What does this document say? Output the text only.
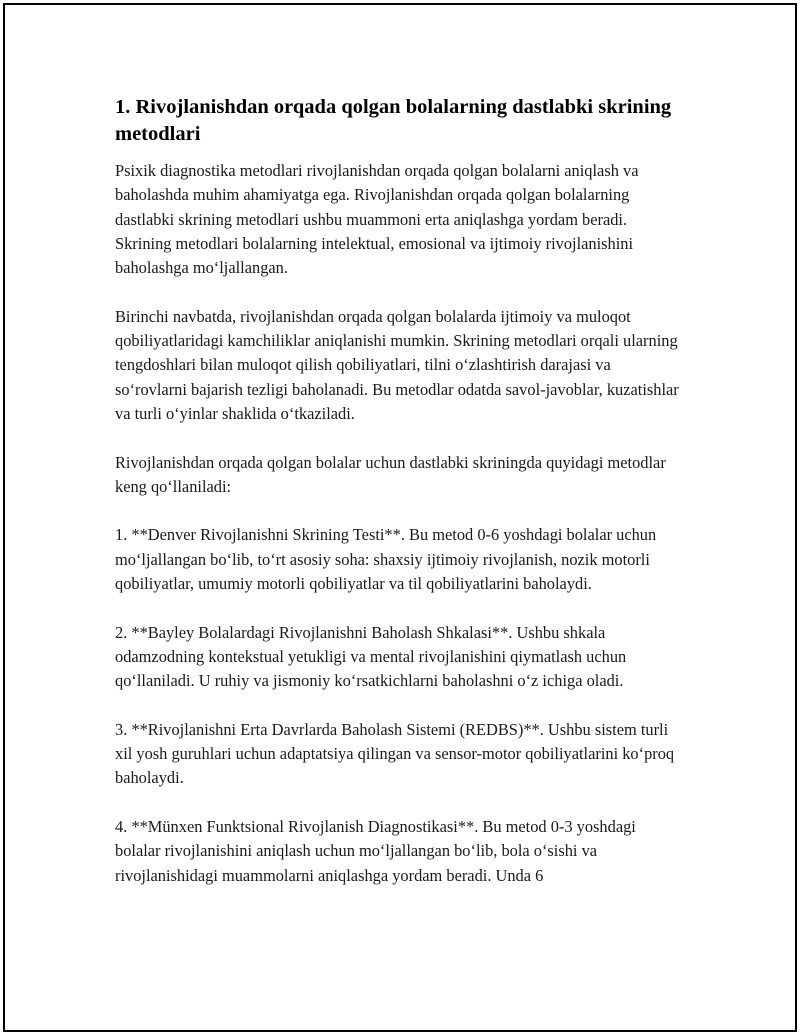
1. Rivojlanishdan orqada qolgan bolalarning dastlabki skrining metodlari

Psixik diagnostika metodlari rivojlanishdan orqada qolgan bolalarni aniqlash va baholashda muhim ahamiyatga ega. Rivojlanishdan orqada qolgan bolalarning dastlabki skrining metodlari ushbu muammoni erta aniqlashga yordam beradi. Skrining metodlari bolalarning intelektual, emosional va ijtimoiy rivojlanishini baholashga mo‘ljallangan.

Birinchi navbatda, rivojlanishdan orqada qolgan bolalarda ijtimoiy va muloqot qobiliyatlaridagi kamchiliklar aniqlanishi mumkin. Skrining metodlari orqali ularning tengdoshlari bilan muloqot qilish qobiliyatlari, tilni o‘zlashtirish darajasi va so‘rovlarni bajarish tezligi baholanadi. Bu metodlar odatda savol-javoblar, kuzatishlar va turli o‘yinlar shaklida o‘tkaziladi.

Rivojlanishdan orqada qolgan bolalar uchun dastlabki skriningda quyidagi metodlar keng qo‘llaniladi:

1. **Denver Rivojlanishni Skrining Testi**. Bu metod 0-6 yoshdagi bolalar uchun mo‘ljallangan bo‘lib, to‘rt asosiy soha: shaxsiy ijtimoiy rivojlanish, nozik motorli qobiliyatlar, umumiy motorli qobiliyatlar va til qobiliyatlarini baholaydi.

2. **Bayley Bolalardagi Rivojlanishni Baholash Shkalasi**. Ushbu shkala odamzodning kontekstual yetukligi va mental rivojlanishini qiymatlash uchun qo‘llaniladi. U ruhiy va jismoniy ko‘rsatkichlarni baholashni o‘z ichiga oladi.

3. **Rivojlanishni Erta Davrlarda Baholash Sistemi (REDBS)**. Ushbu sistem turli xil yosh guruhlari uchun adaptatsiya qilingan va sensor-motor qobiliyatlarini ko‘proq baholaydi.

4. **Münxen Funktsional Rivojlanish Diagnostikasi**. Bu metod 0-3 yoshdagi bolalar rivojlanishini aniqlash uchun mo‘ljallangan bo‘lib, bola o‘sishi va rivojlanishidagi muammolarni aniqlashga yordam beradi. Unda 6
